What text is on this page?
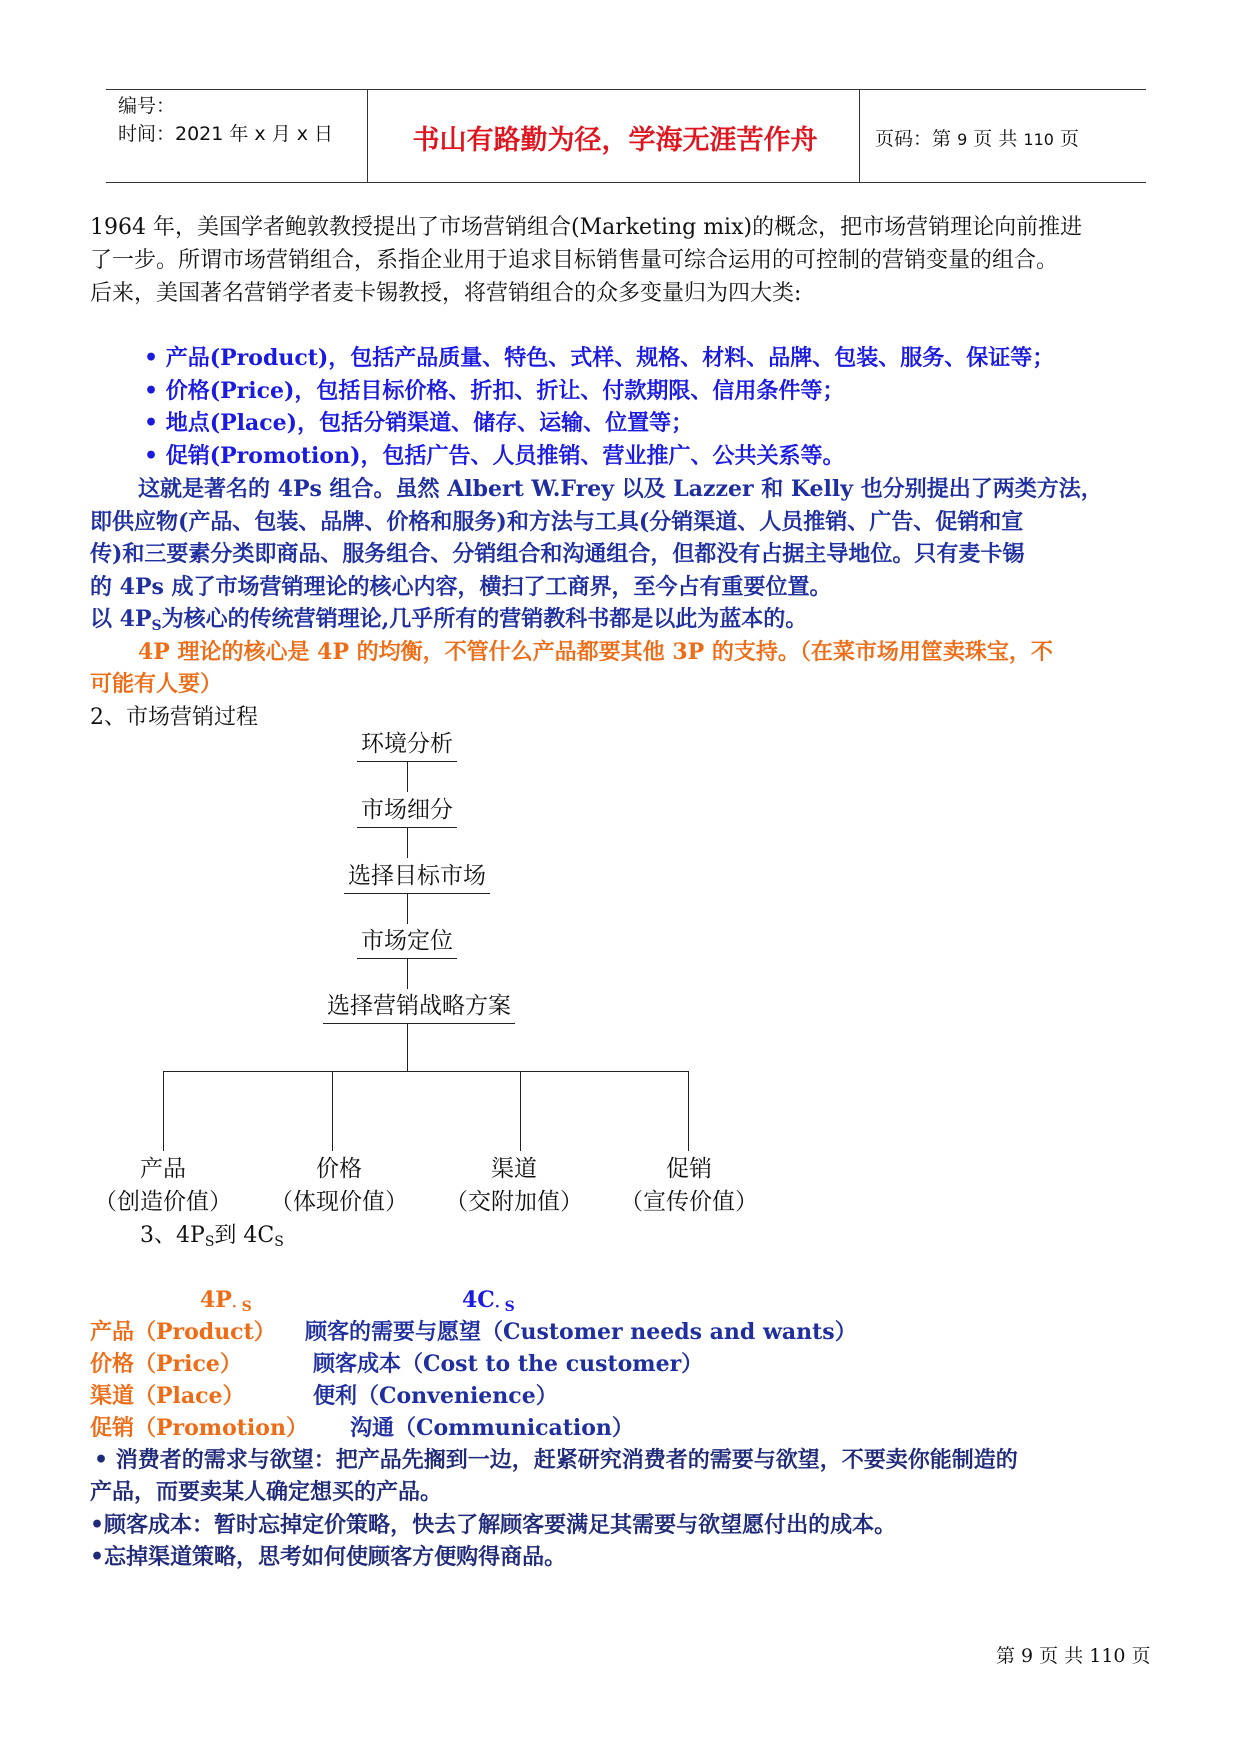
编号：
时间：2021 年 x 月 x 日	书山有路勤为径，学海无涯苦作舟	页码：第 9 页 共 110 页
1964 年，美国学者鲍敦教授提出了市场营销组合(Marketing mix)的概念，把市场营销理论向前推进
了一步。所谓市场营销组合，系指企业用于追求目标销售量可综合运用的可控制的营销变量的组合。
后来，美国著名营销学者麦卡锡教授，将营销组合的众多变量归为四大类:
• 产品(Product)，包括产品质量、特色、式样、规格、材料、品牌、包装、服务、保证等；
• 价格(Price)，包括目标价格、折扣、折让、付款期限、信用条件等；
• 地点(Place)，包括分销渠道、储存、运输、位置等；
• 促销(Promotion)，包括广告、人员推销、营业推广、公共关系等。
这就是著名的 4Ps 组合。虽然 Albert W.Frey 以及 Lazzer 和 Kelly 也分别提出了两类方法，
即供应物(产品、包装、品牌、价格和服务)和方法与工具(分销渠道、人员推销、广告、促销和宣
传)和三要素分类即商品、服务组合、分销组合和沟通组合，但都没有占据主导地位。只有麦卡锡
的 4Ps 成了市场营销理论的核心内容，横扫了工商界，至今占有重要位置。
以 $4P_S$为核心的传统营销理论,几乎所有的营销教科书都是以此为蓝本的。
4P 理论的核心是 4P 的均衡，不管什么产品都要其他 3P 的支持。（在菜市场用筐卖珠宝，不
可能有人要）
2、市场营销过程
环境分析
市场细分
选择目标市场
市场定位
选择营销战略方案
产品
（创造价值）
价格
（体现价值）
渠道
（交附加值）
促销
（宣传价值）
3、$4P_S$到 $4C_S$
$4P_{\cdot S}$	$4C_{\cdot S}$
产品（Product） 顾客的需要与愿望（Customer needs and wants）
价格（Price）	顾客成本（Cost to the customer）
渠道（Place）	便利（Convenience）
促销（Promotion） 沟通（Communication）
• 消费者的需求与欲望：把产品先搁到一边，赶紧研究消费者的需要与欲望，不要卖你能制造的
产品，而要卖某人确定想买的产品。
•顾客成本：暂时忘掉定价策略，快去了解顾客要满足其需要与欲望愿付出的成本。
•忘掉渠道策略，思考如何使顾客方便购得商品。
第 9 页 共 110 页
